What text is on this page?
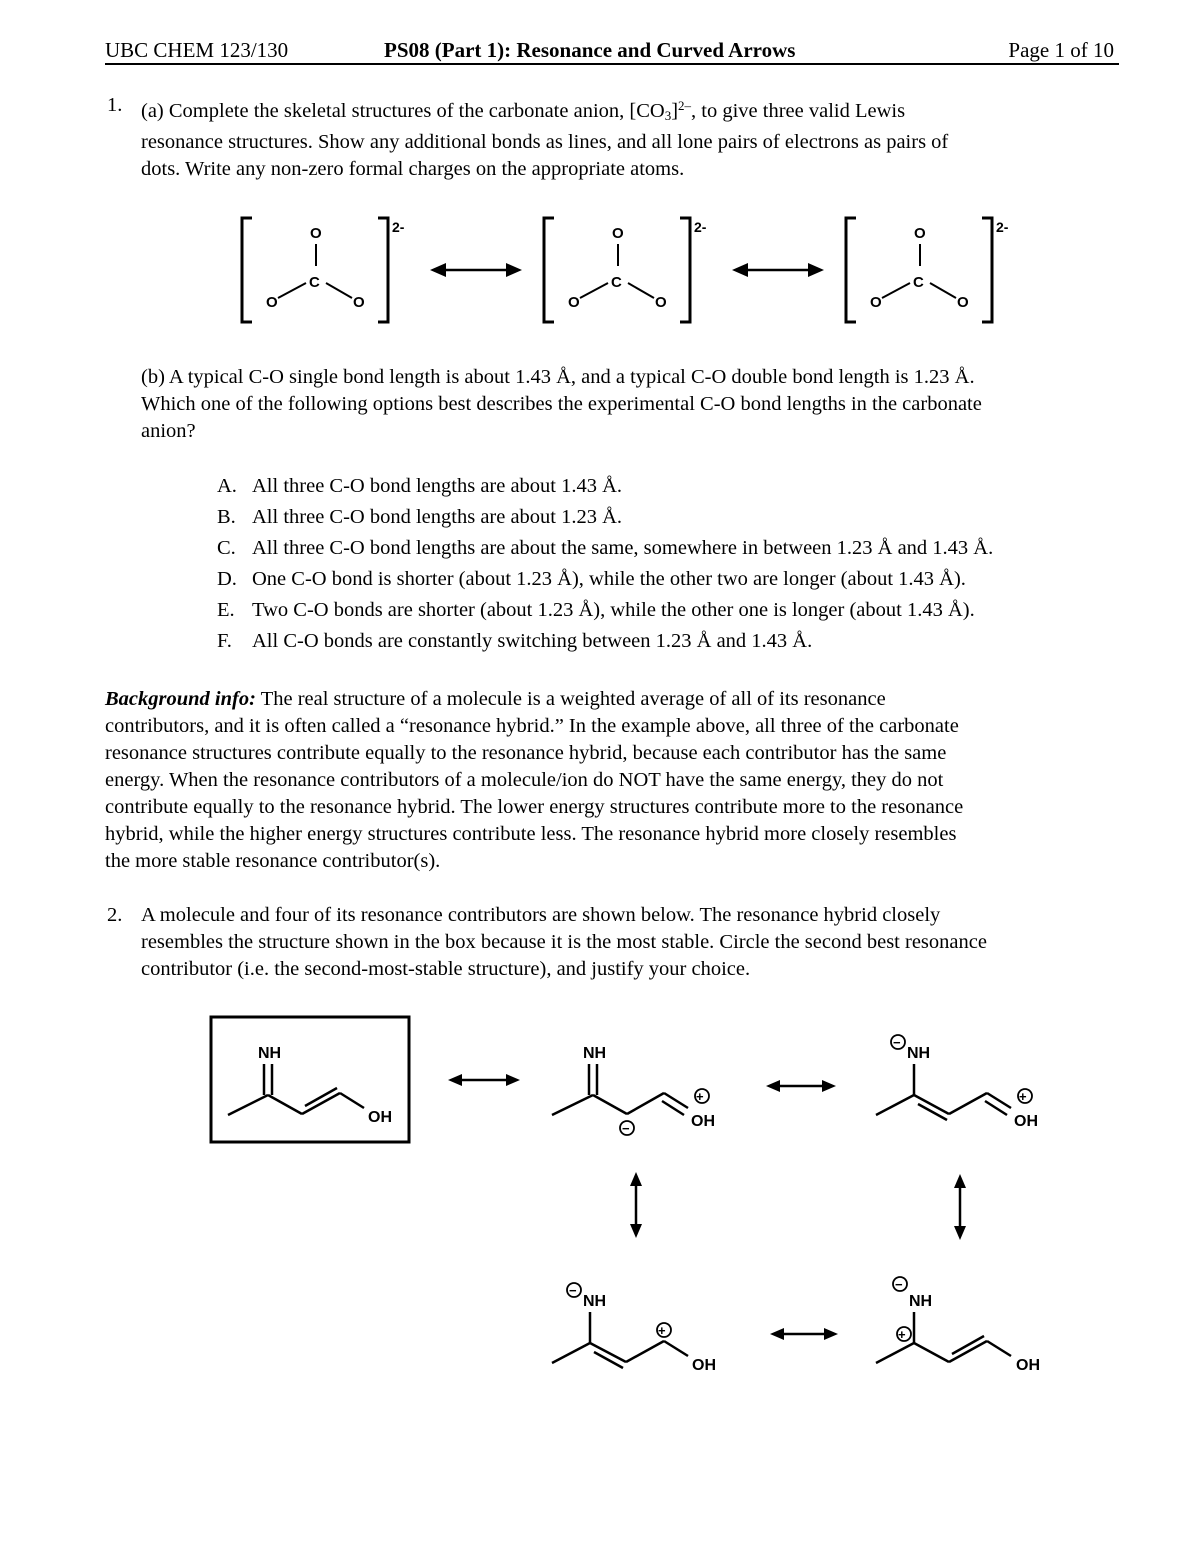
UBC CHEM 123/130	PS08 (Part 1): Resonance and Curved Arrows	Page 1 of 10
1. (a) Complete the skeletal structures of the carbonate anion, $[CO_3]^{2-}$, to give three valid Lewis
resonance structures. Show any additional bonds as lines, and all lone pairs of electrons as pairs of
dots. Write any non-zero formal charges on the appropriate atoms.
O
C
O	O
2-	O
C
O	O
2-	O
C
O	O
2-
(b) A typical C-O single bond length is about 1.43 Å, and a typical C-O double bond length is 1.23 Å.
Which one of the following options best describes the experimental C-O bond lengths in the carbonate
anion?
A. All three C-O bond lengths are about 1.43 Å.
B. All three C-O bond lengths are about 1.23 Å.
C. All three C-O bond lengths are about the same, somewhere in between 1.23 Å and 1.43 Å.
D. One C-O bond is shorter (about 1.23 Å), while the other two are longer (about 1.43 Å).
E. Two C-O bonds are shorter (about 1.23 Å), while the other one is longer (about 1.43 Å).
F. All C-O bonds are constantly switching between 1.23 Å and 1.43 Å.
Background info: The real structure of a molecule is a weighted average of all of its resonance
contributors, and it is often called a “resonance hybrid.” In the example above, all three of the carbonate
resonance structures contribute equally to the resonance hybrid, because each contributor has the same
energy. When the resonance contributors of a molecule/ion do NOT have the same energy, they do not
contribute equally to the resonance hybrid. The lower energy structures contribute more to the resonance
hybrid, while the higher energy structures contribute less. The resonance hybrid more closely resembles
the more stable resonance contributor(s).
2. A molecule and four of its resonance contributors are shown below. The resonance hybrid closely
resembles the structure shown in the box because it is the most stable. Circle the second best resonance
contributor (i.e. the second-most-stable structure), and justify your choice.
NH
OH
NH
OH
+
−
−
NH
OH
+
−
NH
OH
+
−
NH
OH
+
